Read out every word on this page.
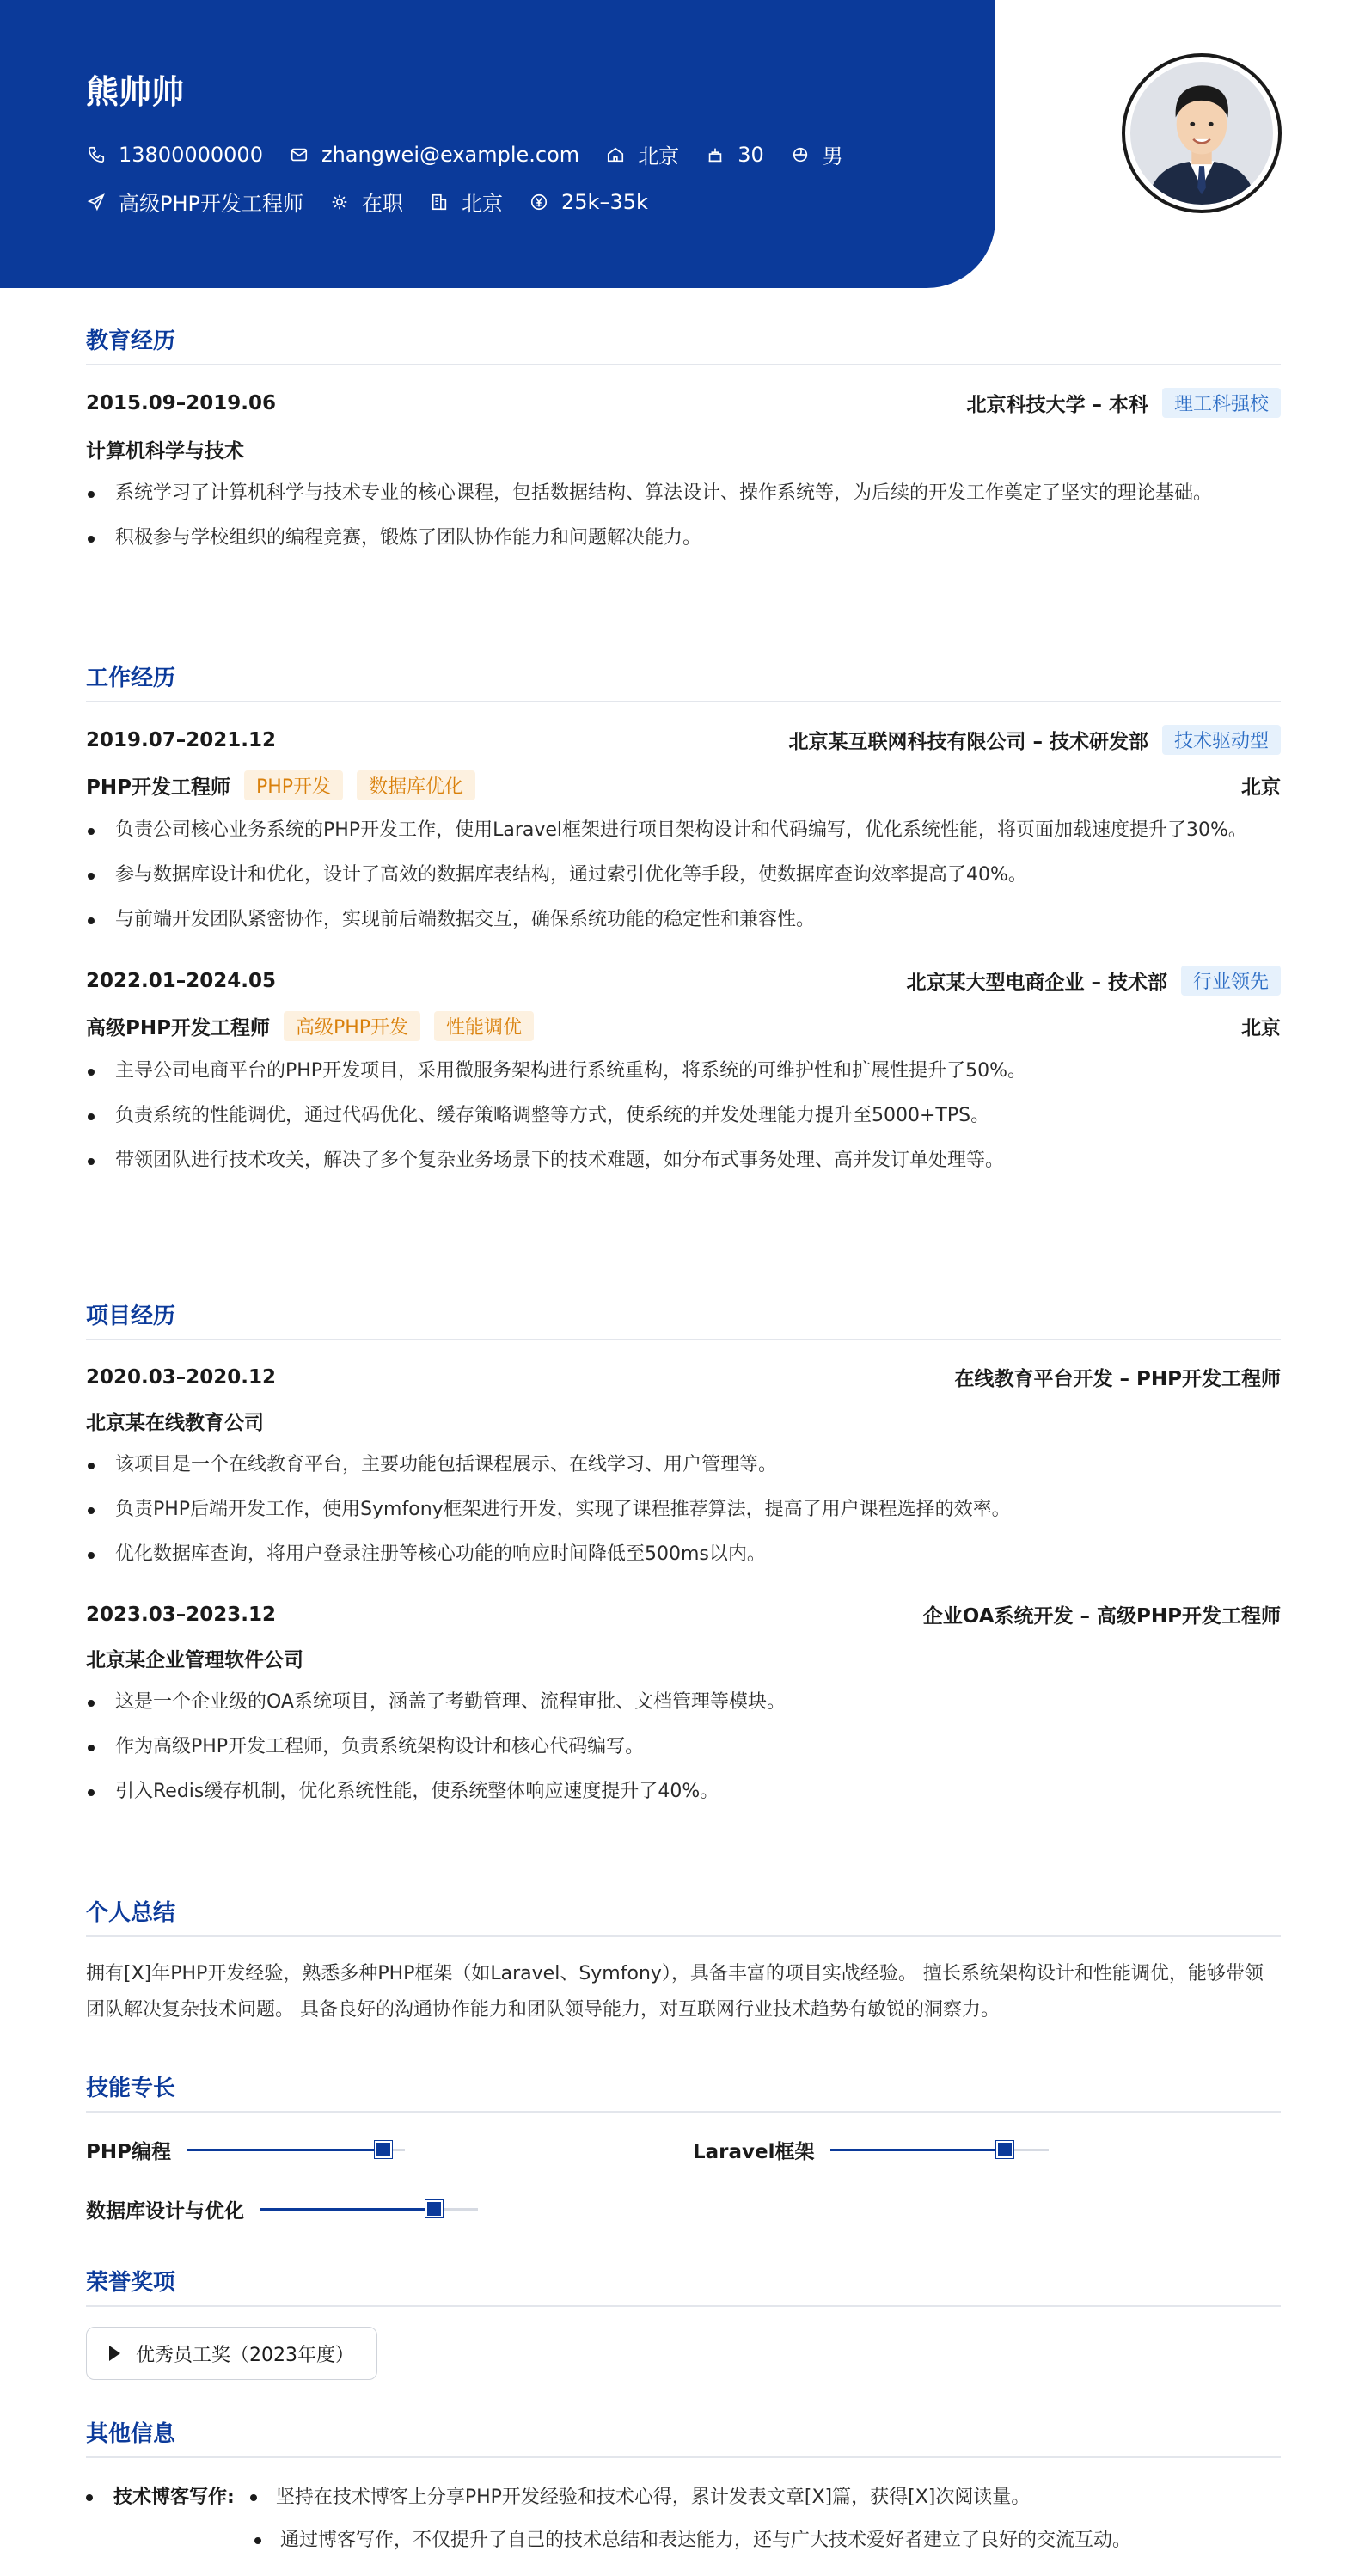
熊帅帅
13800000000	zhangwei@example.com	北京	30	男
高级PHP开发工程师	在职	北京	25k–35k
教育经历
2015.09–2019.06	北京科技大学 – 本科	理工科强校
计算机科学与技术
系统学习了计算机科学与技术专业的核心课程，包括数据结构、算法设计、操作系统等，为后续的开发工作奠定了坚实的理论基础。
积极参与学校组织的编程竞赛，锻炼了团队协作能力和问题解决能力。
工作经历
2019.07–2021.12	北京某互联网科技有限公司 – 技术研发部	技术驱动型
PHP开发工程师	PHP开发	数据库优化	北京
负责公司核心业务系统的PHP开发工作，使用Laravel框架进行项目架构设计和代码编写，优化系统性能，将页面加载速度提升了30%。
参与数据库设计和优化，设计了高效的数据库表结构，通过索引优化等手段，使数据库查询效率提高了40%。
与前端开发团队紧密协作，实现前后端数据交互，确保系统功能的稳定性和兼容性。
2022.01–2024.05	北京某大型电商企业 – 技术部	行业领先
高级PHP开发工程师	高级PHP开发	性能调优	北京
主导公司电商平台的PHP开发项目，采用微服务架构进行系统重构，将系统的可维护性和扩展性提升了50%。
负责系统的性能调优，通过代码优化、缓存策略调整等方式，使系统的并发处理能力提升至5000+TPS。
带领团队进行技术攻关，解决了多个复杂业务场景下的技术难题，如分布式事务处理、高并发订单处理等。
项目经历
2020.03–2020.12	在线教育平台开发 – PHP开发工程师
北京某在线教育公司
该项目是一个在线教育平台，主要功能包括课程展示、在线学习、用户管理等。
负责PHP后端开发工作，使用Symfony框架进行开发，实现了课程推荐算法，提高了用户课程选择的效率。
优化数据库查询，将用户登录注册等核心功能的响应时间降低至500ms以内。
2023.03–2023.12	企业OA系统开发 – 高级PHP开发工程师
北京某企业管理软件公司
这是一个企业级的OA系统项目，涵盖了考勤管理、流程审批、文档管理等模块。
作为高级PHP开发工程师，负责系统架构设计和核心代码编写。
引入Redis缓存机制，优化系统性能，使系统整体响应速度提升了40%。
个人总结
拥有[X]年PHP开发经验，熟悉多种PHP框架（如Laravel、Symfony），具备丰富的项目实战经验。 擅长系统架构设计和性能调优，能够带领团队解决复杂技术问题。 具备良好的沟通协作能力和团队领导能力，对互联网行业技术趋势有敏锐的洞察力。
技能专长
PHP编程	Laravel框架
数据库设计与优化
荣誉奖项
优秀员工奖（2023年度）
其他信息
技术博客写作: 坚持在技术博客上分享PHP开发经验和技术心得，累计发表文章[X]篇，获得[X]次阅读量。
通过博客写作，不仅提升了自己的技术总结和表达能力，还与广大技术爱好者建立了良好的交流互动。
